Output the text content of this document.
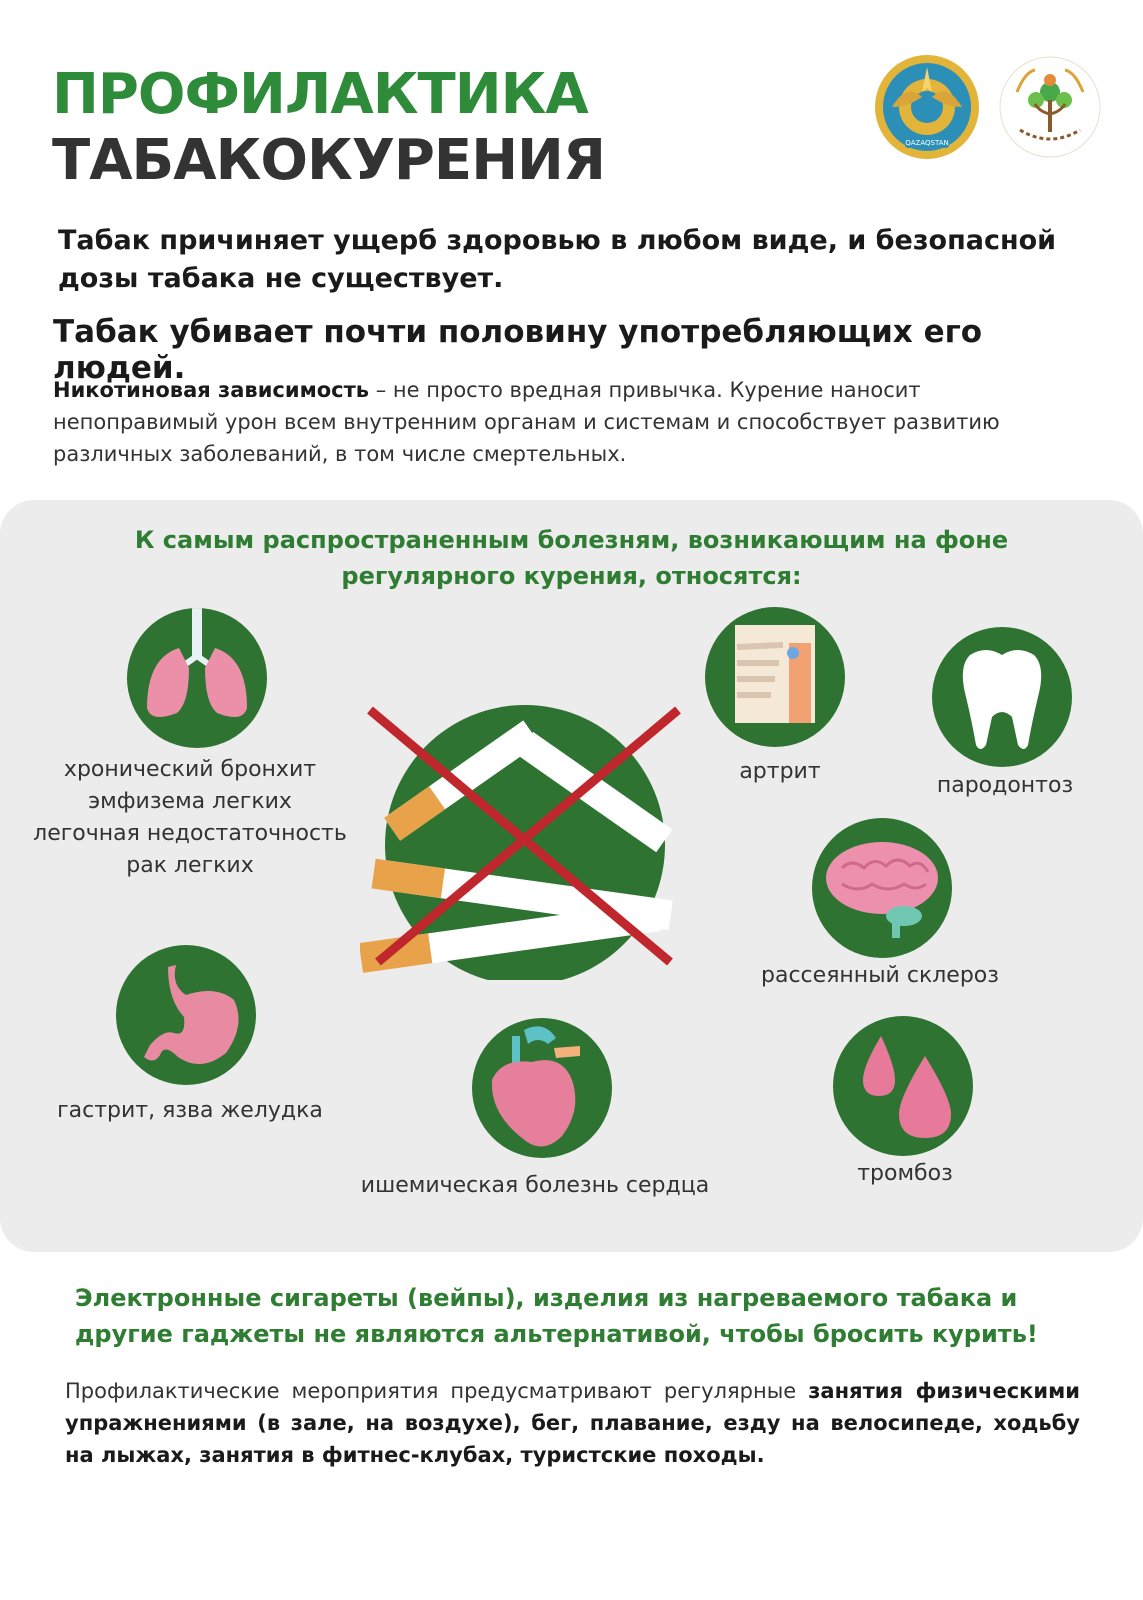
ПРОФИЛАКТИКА
ТАБАКОКУРЕНИЯ	QAZAQSTAN
Табак причиняет ущерб здоровью в любом виде, и безопасной дозы табака не существует.
Табак убивает почти половину употребляющих его людей.
Никотиновая зависимость – не просто вредная привычка. Курение наносит непоправимый урон всем внутренним органам и системам и способствует развитию различных заболеваний, в том числе смертельных.
К самым распространенным болезням, возникающим на фоне регулярного курения, относятся:
хронический бронхит
эмфизема легких
легочная недостаточность
рак легких
гастрит, язва желудка
ишемическая болезнь сердца
артрит
пародонтоз
рассеянный склероз
тромбоз
Электронные сигареты (вейпы), изделия из нагреваемого табака и другие гаджеты не являются альтернативой, чтобы бросить курить!
Профилактические мероприятия предусматривают регулярные занятия физическими упражнениями (в зале, на воздухе), бег, плавание, езду на велосипеде, ходьбу на лыжах, занятия в фитнес-клубах, туристские походы.
